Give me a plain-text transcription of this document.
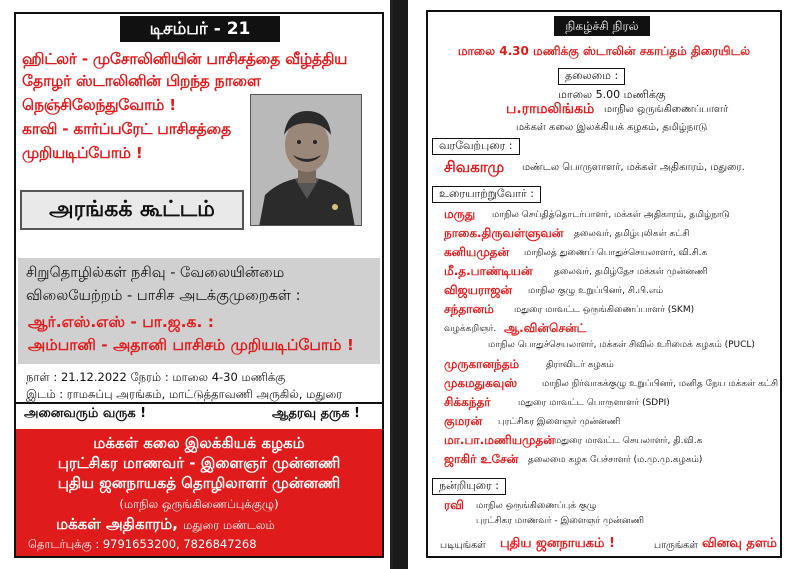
டிசம்பர் - 21
ஹிட்லர் - முசோலினியின் பாசிசத்தை வீழ்த்திய
தோழர் ஸ்டாலினின் பிறந்த நாளை
நெஞ்சிலேந்துவோம் !
காவி - கார்ப்பரேட் பாசிசத்தை
முறியடிப்போம் !
அரங்கக் கூட்டம்
சிறுதொழில்கள் நசிவு - வேலையின்மை
விலையேற்றம் - பாசிச அடக்குமுறைகள் :
ஆர்.எஸ்.எஸ் - பா.ஜ.க. :
அம்பானி - அதானி பாசிசம் முறியடிப்போம் !
நாள் : 21.12.2022 நேரம் : மாலை 4-30 மணிக்கு
இடம் : ராமசுப்பு அரங்கம், மாட்டுத்தாவணி அருகில், மதுரை
அனைவரும் வருக !	ஆதரவு தருக !
மக்கள் கலை இலக்கியக் கழகம்
புரட்சிகர மாணவர் - இளைஞர் முன்னணி
புதிய ஜனநாயகத் தொழிலாளர் முன்னணி
(மாநில ஒருங்கிணைப்புக்குழு)
மக்கள் அதிகாரம், மதுரை மண்டலம்
தொடர்புக்கு : 9791653200, 7826847268
நிகழ்ச்சி நிரல்
மாலை 4.30 மணிக்கு ஸ்டாலின் சகாப்தம் திரையிடல்
தலைமை :
மாலை 5.00 மணிக்கு
ப.ராமலிங்கம் மாநில ஒருங்கிணைப்பாளர்
மக்கள் கலை இலக்கியக் கழகம், தமிழ்நாடு
வரவேற்புரை :
சிவகாமு மண்டல பொருளாளர், மக்கள் அதிகாரம், மதுரை.
உரையாற்றுவோர் :
மருது மாநில செய்தித்தொடர்பாளர், மக்கள் அதிகாரம், தமிழ்நாடு
நாகை.திருவள்ளுவன் தலைவர், தமிழ்புலிகள் கட்சி
கனியமுதன் மாநிலத் துணைப் பொதுச்செயலாளர், வி.சி.க
மீ.த.பாண்டியன் தலைவர், தமிழ்தேச மக்கள் முன்னணி
விஜயராஜன் மாநில குழு உறுப்பினர், சி.பி.எம்
சந்தானம் மதுரை மாவட்ட ஒருங்கிணைப்பாளர் (SKM)
வழக்கறிஞர். ஆ.வின்சென்ட்
மாநில பொதுச்செயலாளர், மக்கள் சிவில் உரிமைக் கழகம் (PUCL)
முருகானந்தம்	திராவிடர் கழகம்
முகமதுகவுஸ்	மாநில நிர்வாகக்குழு உறுப்பினர், மனித நேய மக்கள் கட்சி
சிக்கந்தர்	மதுரை மாவட்ட பொருளாளர் (SDPI)
குமரன் புரட்சிகர இளைஞர் முன்னணி
மா.பா.மணியமுதன் மதுரை மாவட்ட செயலாளர், தி.வி.க
ஜாகிர் உசேன் தலைமை கழக பேச்சாளர் (ம.மு.மு.கழகம்)
நன்றியுரை :
ரவி மாநில ஒருங்கிணைப்புக் குழு
புரட்சிகர மாணவர் - இளைஞர் முன்னணி
படியுங்கள் புதிய ஜனநாயகம் !	பாருங்கள் வினவு தளம்
